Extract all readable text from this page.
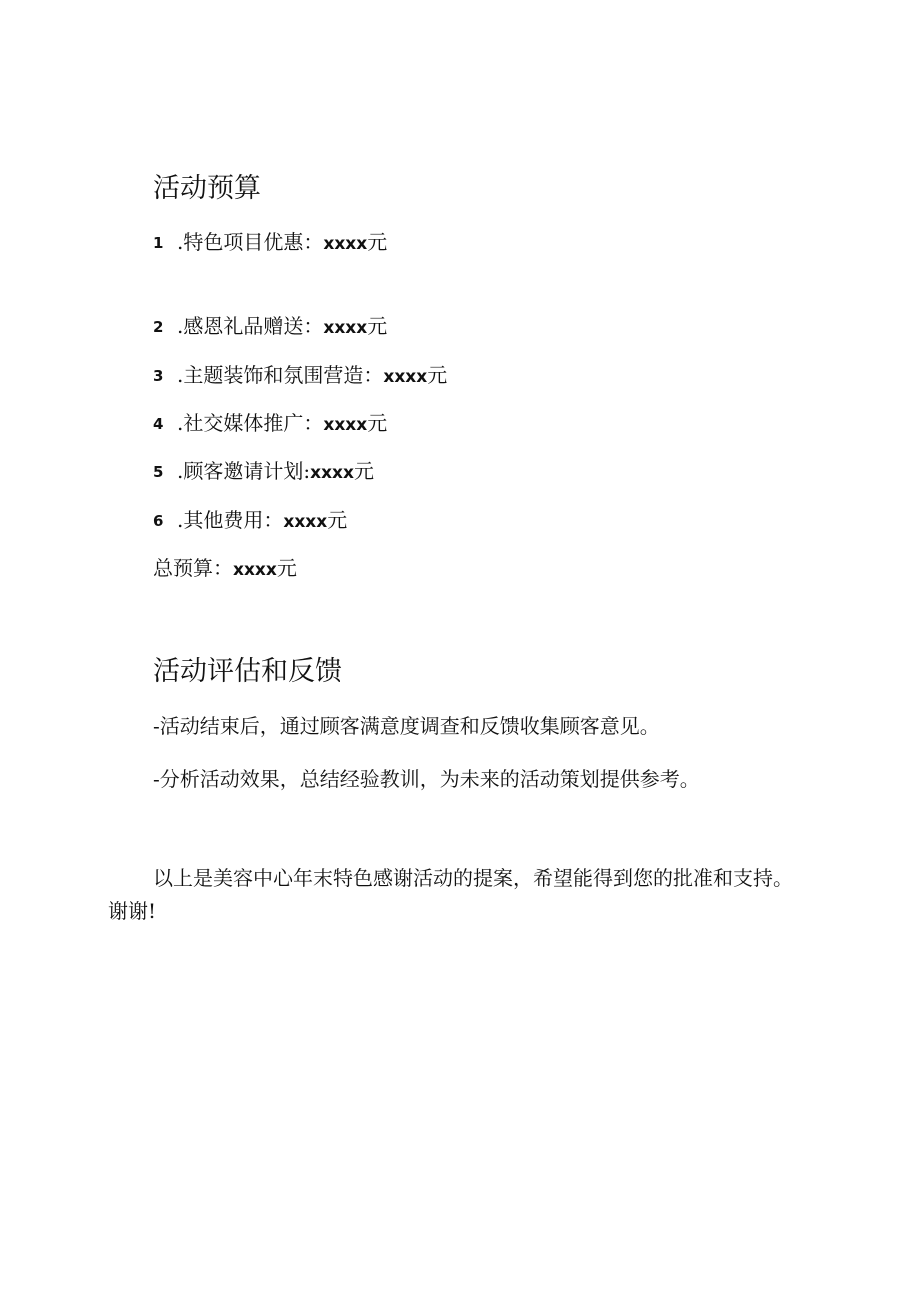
活动预算
1 .特色项目优惠：xxxx元
2 .感恩礼品赠送：xxxx元
3 .主题装饰和氛围营造：xxxx元
4 .社交媒体推广：xxxx元
5 .顾客邀请计划:xxxx元
6 .其他费用：xxxx元
总预算：xxxx元
活动评估和反馈
-活动结束后，通过顾客满意度调查和反馈收集顾客意见。
-分析活动效果，总结经验教训，为未来的活动策划提供参考。

以上是美容中心年末特色感谢活动的提案，希望能得到您的批准和支持。谢谢!
